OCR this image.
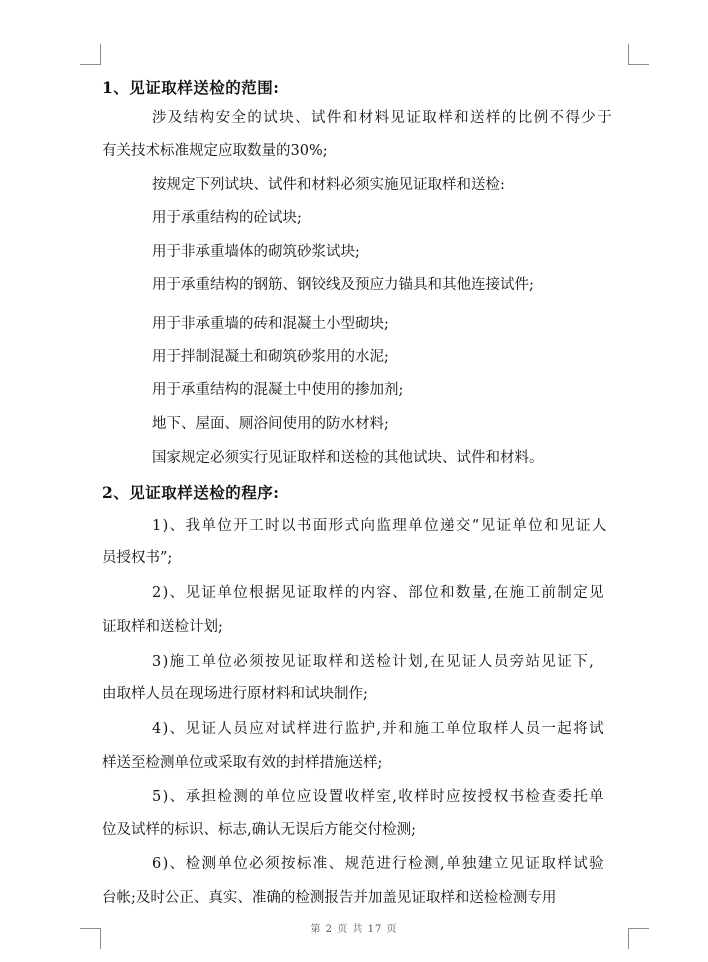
1、见证取样送检的范围:
涉及结构安全的试块、试件和材料见证取样和送样的比例不得少于
有关技术标准规定应取数量的30%;
按规定下列试块、试件和材料必须实施见证取样和送检:
用于承重结构的砼试块;
用于非承重墙体的砌筑砂浆试块;
用于承重结构的钢筋、钢铰线及预应力锚具和其他连接试件;
用于非承重墙的砖和混凝土小型砌块;
用于拌制混凝土和砌筑砂浆用的水泥;
用于承重结构的混凝土中使用的掺加剂;
地下、屋面、厕浴间使用的防水材料;
国家规定必须实行见证取样和送检的其他试块、试件和材料。
2、见证取样送检的程序:
1)、我单位开工时以书面形式向监理单位递交“见证单位和见证人
员授权书”;
2)、见证单位根据见证取样的内容、部位和数量,在施工前制定见
证取样和送检计划;
3)施工单位必须按见证取样和送检计划,在见证人员旁站见证下,
由取样人员在现场进行原材料和试块制作;
4)、见证人员应对试样进行监护,并和施工单位取样人员一起将试
样送至检测单位或采取有效的封样措施送样;
5)、承担检测的单位应设置收样室,收样时应按授权书检查委托单
位及试样的标识、标志,确认无误后方能交付检测;
6)、检测单位必须按标准、规范进行检测,单独建立见证取样试验
台帐;及时公正、真实、准确的检测报告并加盖见证取样和送检检测专用
第 2 页 共 17 页
